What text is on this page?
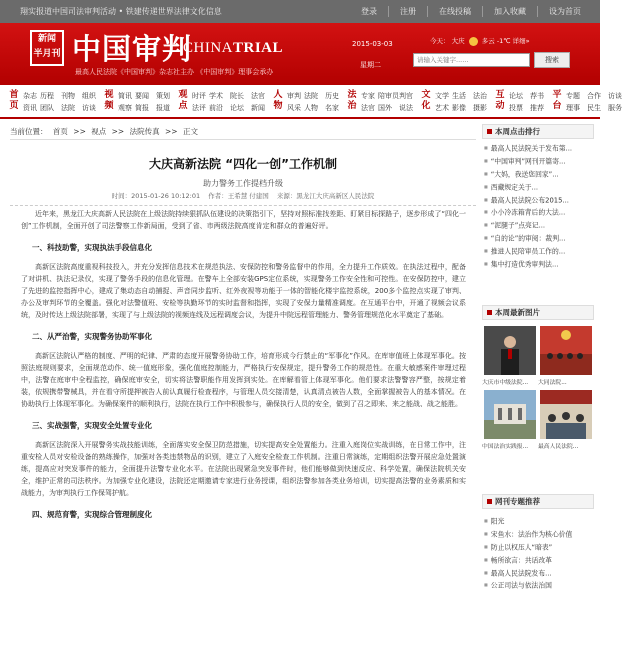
翔实报道中国司法审判活动 • 铁建传递世界法律文化信息	登录	注册	在线投稿	加入收藏	设为首页
新闻
半月刊 中国审判
CHINATRIAL
最高人民法院《中国审判》杂志社主办 《中国审判》理事会承办
2015-03-03
星期二
今天： 大庆	多云 -1℃ 详细»
请输入关键字......
搜索
首页
杂志
资讯
历程
团队
刊物
法院
组织
访谈
视频
简讯
观察
要闻
简报
策划
报道
观点
时评
法评
学术
前沿
院长
论坛
法官
新闻
人物
审判
风采
法院
人物
历史
名家
法治
专家
法官
陪审员
国外
判官
说法
文化
文学
艺术
生活
影像
法治
摄影
互动
论坛
投票
荐书
推荐
平台
专题
理事
合作
民生
访谈
服务
当前位置： 首页 >> 视点 >> 法院传真 >> 正文
大庆高新法院 “四化一创”工作机制
助力警务工作提档升级
时间：2015-01-26 10:12:01 作者：王希慧 付建国 来源：黑龙江大庆高新区人民法院

近年来，黑龙江大庆高新人民法院在上级法院持续狠抓队伍建设的决策指引下，坚持对照标准找差距、盯紧目标探路子，逐步形成了“四化一创”工作机制，全面开创了司法警察工作新局面，受到了省、市两级法院高度肯定和群众的普遍好评。

一、科技助警，实现执法手段信息化

高新区法院高度重视科技投入，并充分发挥信息技术在规范执法、安保防控和警务监督中的作用，全力提升工作质效。在执法过程中，配备了对讲机、执法记录仪，实现了警务手段的信息化管理。在警车上全部安装GPS定位系统，实现警务工作安全性和可控性。在安保防控中，建立了先进的监控指挥中心，建成了集动态自动捕捉、声音同步监听、红外夜视等功能于一体的智能化楼宇监控系统，200多个监控点实现了审判、办公及审判环节的全覆盖。强化对法警值班、安检等执勤环节的实时监督和指挥，实现了安保力量精准调度。在互通平台中，开通了视频会议系统，及时传达上级法院部署，实现了与上级法院的视频连线及远程调度会议，为提升中院远程管理能力、警务管理规范化水平奠定了基础。

二、从严治警，实现警务协助军事化

高新区法院认严格的制度、严明的纪律、严肃的态度开展警务协助工作，培育形成今行禁止的“军事化”作风。在库审值班上体现军事化。按照法庭规则要求，全面规范动作、统一值庭形象，强化值庭控制能力，严格执行安保规定，提升警务工作的规范性。在重大敏感案件审理过程中，法警在庭审中全程监控，确保庭审安全，切实将法警职能作用发挥到实处。在库解看管上体现军事化。他们要求法警警容严整，按规定着装，依规携带警械具，并在看守所提押被告人前认真履行检查程序，与管理人员交接清楚，认真清点被告人数，全面掌握被告人的基本情况。在协助执行上体现军事化。为确保案件的顺利执行，法院在执行工作中积极参与，确保执行人员的安全，做到了召之即来、来之能战、战之能胜。

三、实战强警，实现安全处置专业化

高新区法院深入开展警务实战技能训练，全面落实安全保卫防范措施，切实提高安全处置能力。注重入庭岗位实战训练，在日常工作中，注重安检人员对安检设备的熟练操作，加强对各类违禁物品的识别，建立了入庭安全检查工作机制。注重日常演练，定期组织法警开展应急处置演练，提高应对突发事件的能力，全面提升法警专业化水平。在法院出现紧急突发事件时，他们能够做到快速反应、科学处置，确保法院机关安全，维护正常的司法秩序。为加强专业化建设，法院还定期邀请专家进行业务授课，组织法警参加各类业务培训，切实提高法警的业务素质和实战能力，为审判执行工作保驾护航。

四、规范育警，实现综合管理制度化
本周点击排行
■ 最高人民法院关于发布第...
■ “中国审判”网刊开篇寄...
■ “大妈，我送您回家”...
■ 西藏规定关于...
■ 最高人民法院公布2015...
■ 小小冷冻箱背后的大法...
■ “泥腿子”点亮记...
■ “自的论”的审阅：裁判...
■ 推进人民陪审员工作的...
■ 集中打造优秀审判法...
本周最新图片
大庆市中级法院...	大同法院...
中国法治实践报...	最高人民法院...
网刊专题推荐
■ 阳光
■ 宋鱼水：法治作为核心价值
■ 防止以权压人“暗表”
■ 畅所欲言：共话改革
■ 最高人民法院发布...
■ 公正司法与依法治国
